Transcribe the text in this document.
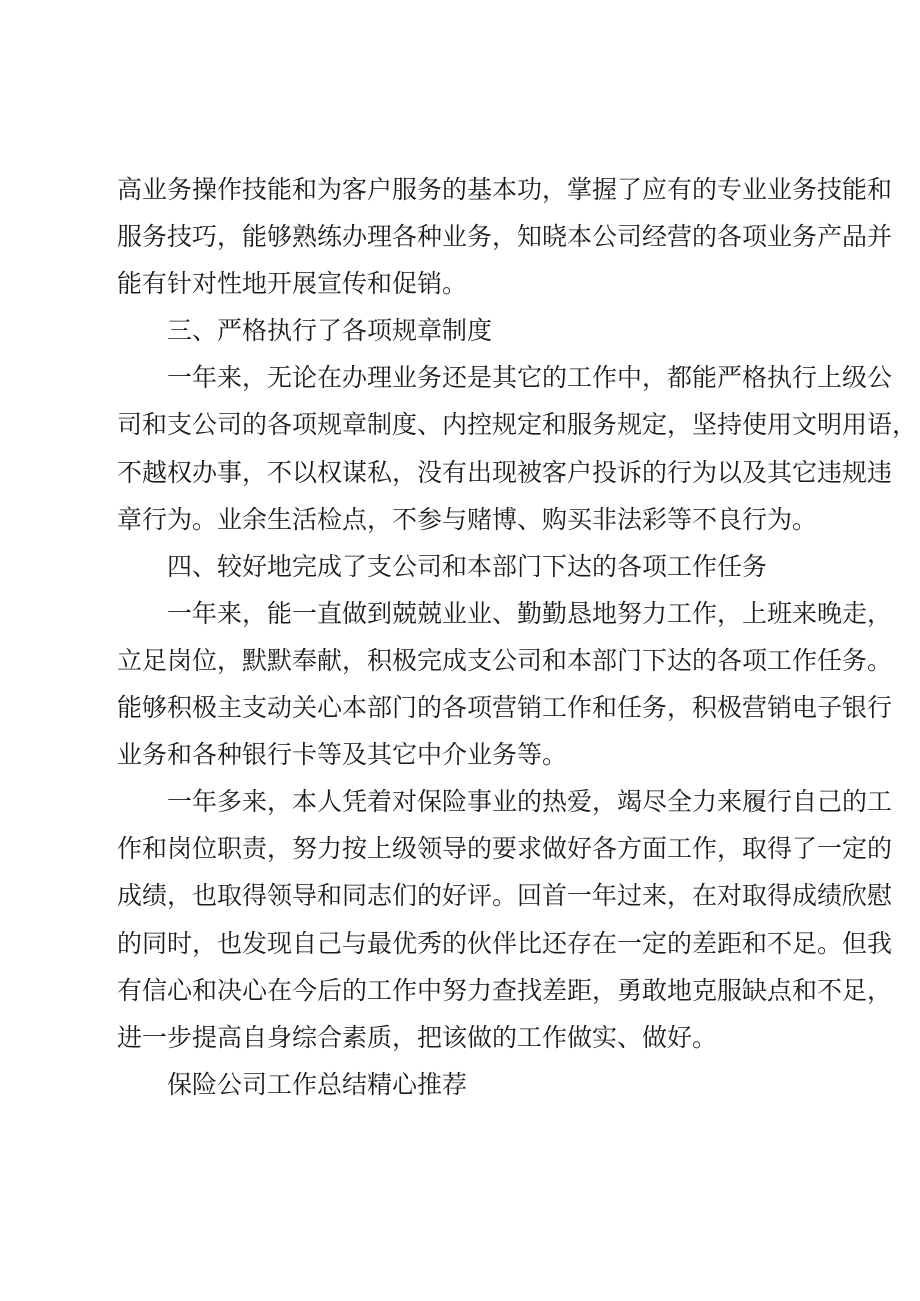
高业务操作技能和为客户服务的基本功，掌握了应有的专业业务技能和
服务技巧，能够熟练办理各种业务，知晓本公司经营的各项业务产品并
能有针对性地开展宣传和促销。

三、严格执行了各项规章制度

一年来，无论在办理业务还是其它的工作中，都能严格执行上级公
司和支公司的各项规章制度、内控规定和服务规定，坚持使用文明用语，
不越权办事，不以权谋私，没有出现被客户投诉的行为以及其它违规违
章行为。业余生活检点，不参与赌博、购买非法彩等不良行为。

四、较好地完成了支公司和本部门下达的各项工作任务

一年来，能一直做到兢兢业业、勤勤恳地努力工作，上班来晚走，
立足岗位，默默奉献，积极完成支公司和本部门下达的各项工作任务。
能够积极主支动关心本部门的各项营销工作和任务，积极营销电子银行
业务和各种银行卡等及其它中介业务等。

一年多来，本人凭着对保险事业的热爱，竭尽全力来履行自己的工
作和岗位职责，努力按上级领导的要求做好各方面工作，取得了一定的
成绩，也取得领导和同志们的好评。回首一年过来，在对取得成绩欣慰
的同时，也发现自己与最优秀的伙伴比还存在一定的差距和不足。但我
有信心和决心在今后的工作中努力查找差距，勇敢地克服缺点和不足，
进一步提高自身综合素质，把该做的工作做实、做好。

保险公司工作总结精心推荐
